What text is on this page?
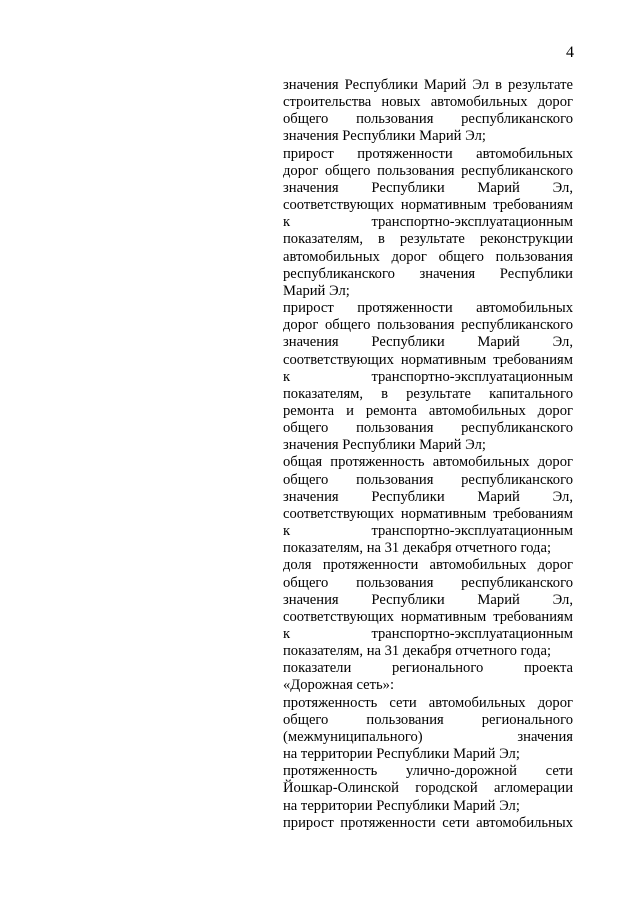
4
значения Республики Марий Эл в результате
строительства новых автомобильных дорог
общего пользования республиканского
значения Республики Марий Эл;
прирост протяженности автомобильных
дорог общего пользования республиканского
значения Республики Марий Эл,
соответствующих нормативным требованиям
к транспортно-эксплуатационным
показателям, в результате реконструкции
автомобильных дорог общего пользования
республиканского значения Республики
Марий Эл;
прирост протяженности автомобильных
дорог общего пользования республиканского
значения Республики Марий Эл,
соответствующих нормативным требованиям
к транспортно-эксплуатационным
показателям, в результате капитального
ремонта и ремонта автомобильных дорог
общего пользования республиканского
значения Республики Марий Эл;
общая протяженность автомобильных дорог
общего пользования республиканского
значения Республики Марий Эл,
соответствующих нормативным требованиям
к транспортно-эксплуатационным
показателям, на 31 декабря отчетного года;
доля протяженности автомобильных дорог
общего пользования республиканского
значения Республики Марий Эл,
соответствующих нормативным требованиям
к транспортно-эксплуатационным
показателям, на 31 декабря отчетного года;
показатели регионального проекта
«Дорожная сеть»:
протяженность сети автомобильных дорог
общего пользования регионального
(межмуниципального) значения
на территории Республики Марий Эл;
протяженность улично-дорожной сети
Йошкар-Олинской городской агломерации
на территории Республики Марий Эл;
прирост протяженности сети автомобильных
